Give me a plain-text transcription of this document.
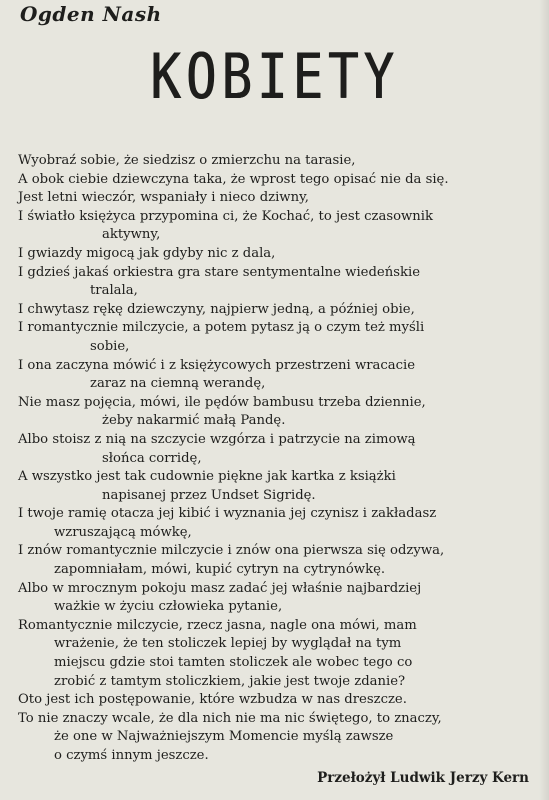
Ogden Nash
KOBIETY
Wyobraź sobie, że siedzisz o zmierzchu na tarasie,
A obok ciebie dziewczyna taka, że wprost tego opisać nie da się.
Jest letni wieczór, wspaniały i nieco dziwny,
I światło księżyca przypomina ci, że Kochać, to jest czasownik
aktywny,
I gwiazdy migocą jak gdyby nic z dala,
I gdzieś jakaś orkiestra gra stare sentymentalne wiedeńskie
tralala,
I chwytasz rękę dziewczyny, najpierw jedną, a później obie,
I romantycznie milczycie, a potem pytasz ją o czym też myśli
sobie,
I ona zaczyna mówić i z księżycowych przestrzeni wracacie
zaraz na ciemną werandę,
Nie masz pojęcia, mówi, ile pędów bambusu trzeba dziennie,
żeby nakarmić małą Pandę.
Albo stoisz z nią na szczycie wzgórza i patrzycie na zimową
słońca corridę,
A wszystko jest tak cudownie piękne jak kartka z książki
napisanej przez Undset Sigridę.
I twoje ramię otacza jej kibić i wyznania jej czynisz i zakładasz
wzruszającą mówkę,
I znów romantycznie milczycie i znów ona pierwsza się odzywa,
zapomniałam, mówi, kupić cytryn na cytrynówkę.
Albo w mrocznym pokoju masz zadać jej właśnie najbardziej
ważkie w życiu człowieka pytanie,
Romantycznie milczycie, rzecz jasna, nagle ona mówi, mam
wrażenie, że ten stoliczek lepiej by wyglądał na tym
miejscu gdzie stoi tamten stoliczek ale wobec tego co
zrobić z tamtym stoliczkiem, jakie jest twoje zdanie?
Oto jest ich postępowanie, które wzbudza w nas dreszcze.
To nie znaczy wcale, że dla nich nie ma nic świętego, to znaczy,
że one w Najważniejszym Momencie myślą zawsze
o czymś innym jeszcze.
Przełożył Ludwik Jerzy Kern
